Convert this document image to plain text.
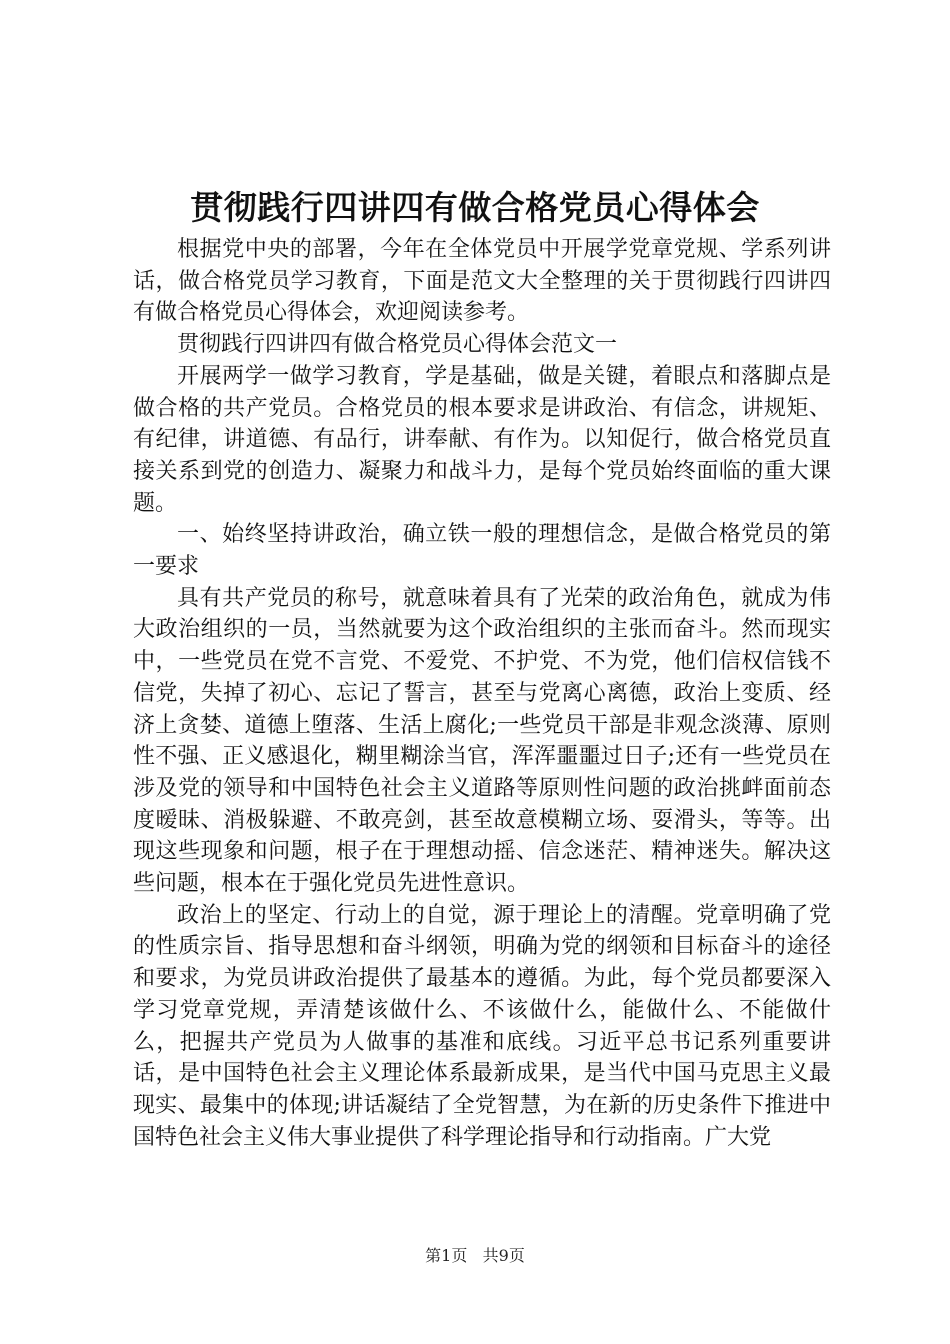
贯彻践行四讲四有做合格党员心得体会

根据党中央的部署，今年在全体党员中开展学党章党规、学系列讲话，做合格党员学习教育，下面是范文大全整理的关于贯彻践行四讲四有做合格党员心得体会，欢迎阅读参考。

贯彻践行四讲四有做合格党员心得体会范文一

开展两学一做学习教育，学是基础，做是关键，着眼点和落脚点是做合格的共产党员。合格党员的根本要求是讲政治、有信念，讲规矩、有纪律，讲道德、有品行，讲奉献、有作为。以知促行，做合格党员直接关系到党的创造力、凝聚力和战斗力，是每个党员始终面临的重大课题。

一、始终坚持讲政治，确立铁一般的理想信念，是做合格党员的第一要求

具有共产党员的称号，就意味着具有了光荣的政治角色，就成为伟大政治组织的一员，当然就要为这个政治组织的主张而奋斗。然而现实中，一些党员在党不言党、不爱党、不护党、不为党，他们信权信钱不信党，失掉了初心、忘记了誓言，甚至与党离心离德，政治上变质、经济上贪婪、道德上堕落、生活上腐化;一些党员干部是非观念淡薄、原则性不强、正义感退化，糊里糊涂当官，浑浑噩噩过日子;还有一些党员在涉及党的领导和中国特色社会主义道路等原则性问题的政治挑衅面前态度暧昧、消极躲避、不敢亮剑，甚至故意模糊立场、耍滑头，等等。出现这些现象和问题，根子在于理想动摇、信念迷茫、精神迷失。解决这些问题，根本在于强化党员先进性意识。

政治上的坚定、行动上的自觉，源于理论上的清醒。党章明确了党的性质宗旨、指导思想和奋斗纲领，明确为党的纲领和目标奋斗的途径和要求，为党员讲政治提供了最基本的遵循。为此，每个党员都要深入学习党章党规，弄清楚该做什么、不该做什么，能做什么、不能做什么，把握共产党员为人做事的基准和底线。习近平总书记系列重要讲话，是中国特色社会主义理论体系最新成果，是当代中国马克思主义最现实、最集中的体现;讲话凝结了全党智慧，为在新的历史条件下推进中国特色社会主义伟大事业提供了科学理论指导和行动指南。广大党

第1页 共9页
